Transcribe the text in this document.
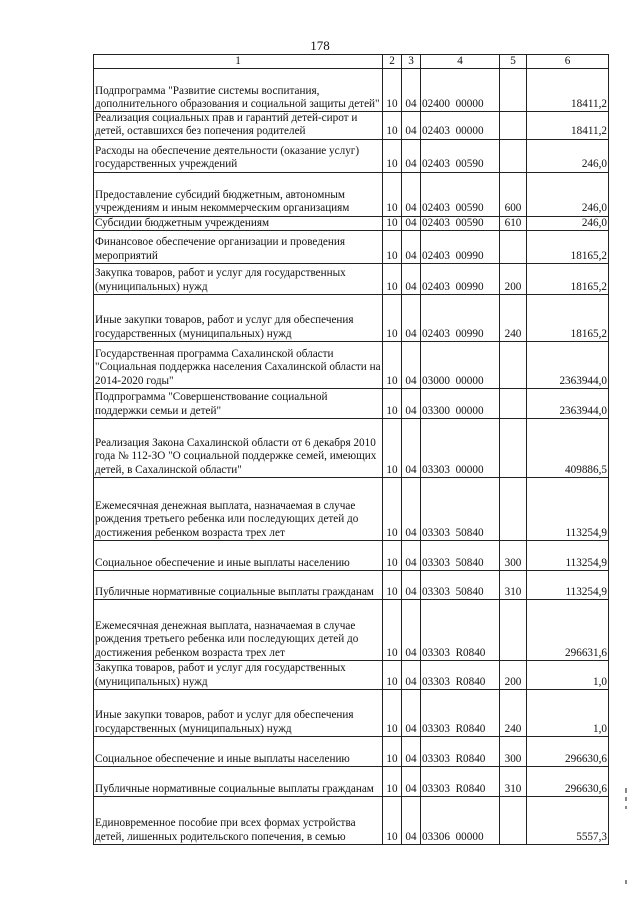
178
1	2	3	4	5	6
Подпрограмма "Развитие системы воспитания, дополнительного образования и социальной защиты детей"	10	04	02400  00000		18411,2
Реализация социальных прав и гарантий детей-сирот и детей, оставшихся без попечения родителей	10	04	02403  00000		18411,2
Расходы на обеспечение деятельности (оказание услуг) государственных учреждений	10	04	02403  00590		246,0
Предоставление субсидий бюджетным, автономным учреждениям и иным некоммерческим организациям	10	04	02403  00590	600	246,0
Субсидии бюджетным учреждениям	10	04	02403  00590	610	246,0
Финансовое обеспечение организации и проведения мероприятий	10	04	02403  00990		18165,2
Закупка товаров, работ и услуг для государственных (муниципальных) нужд	10	04	02403  00990	200	18165,2
Иные закупки товаров, работ и услуг для обеспечения государственных (муниципальных) нужд	10	04	02403  00990	240	18165,2
Государственная программа Сахалинской области "Социальная поддержка населения Сахалинской области на 2014-2020 годы"	10	04	03000  00000		2363944,0
Подпрограмма "Совершенствование социальной поддержки семьи и детей"	10	04	03300  00000		2363944,0
Реализация Закона Сахалинской области от 6 декабря 2010 года № 112-ЗО "О социальной поддержке семей, имеющих детей, в Сахалинской области"	10	04	03303  00000		409886,5
Ежемесячная денежная выплата, назначаемая в случае рождения третьего ребенка или последующих детей до достижения ребенком возраста трех лет	10	04	03303  50840		113254,9
Социальное обеспечение и иные выплаты населению	10	04	03303  50840	300	113254,9
Публичные нормативные социальные выплаты гражданам	10	04	03303  50840	310	113254,9
Ежемесячная денежная выплата, назначаемая в случае рождения третьего ребенка или последующих детей до достижения ребенком возраста трех лет	10	04	03303  R0840		296631,6
Закупка товаров, работ и услуг для государственных (муниципальных) нужд	10	04	03303  R0840	200	1,0
Иные закупки товаров, работ и услуг для обеспечения государственных (муниципальных) нужд	10	04	03303  R0840	240	1,0
Социальное обеспечение и иные выплаты населению	10	04	03303  R0840	300	296630,6
Публичные нормативные социальные выплаты гражданам	10	04	03303  R0840	310	296630,6
Единовременное пособие при всех формах устройства детей, лишенных родительского попечения, в семью	10	04	03306  00000		5557,3
